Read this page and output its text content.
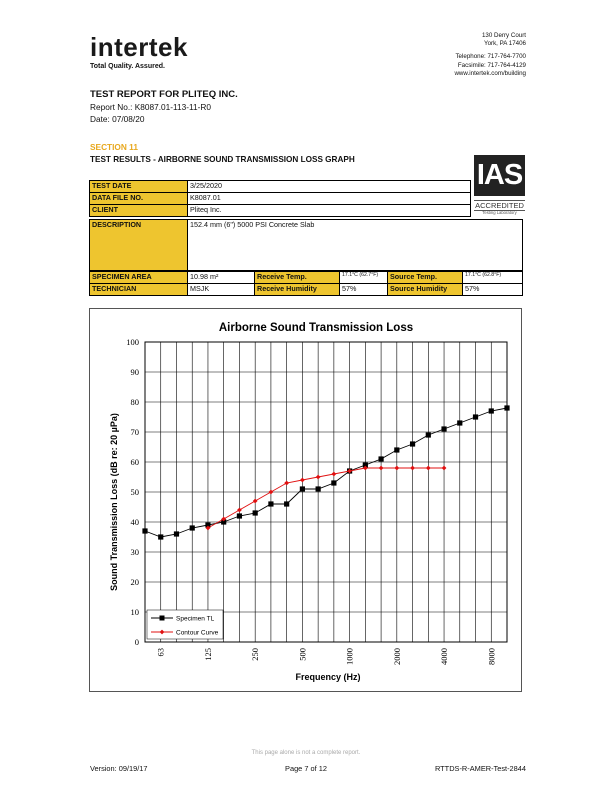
intertek
Total Quality. Assured.
130 Derry Court
York, PA 17406
Telephone: 717-764-7700
Facsimile: 717-764-4129
www.intertek.com/building
TEST REPORT FOR PLITEQ INC.
Report No.: K8087.01-113-11-R0
Date: 07/08/20
SECTION 11
TEST RESULTS - AIRBORNE SOUND TRANSMISSION LOSS GRAPH	IAS
ACCREDITED
Testing Laboratory
TEST DATE	3/25/2020
DATA FILE NO.	K8087.01
CLIENT	Pliteq Inc.
DESCRIPTION	152.4 mm (6") 5000 PSI Concrete Slab
SPECIMEN AREA	10.98 m²	Receive Temp.	17.1°C (62.7°F)	Source Temp.	17.1°C (62.8°F)
TECHNICIAN	MSJK	Receive Humidity	57%	Source Humidity	57%
Airborne Sound Transmission Loss
Frequency (Hz)
Sound Transmission Loss (dB re: 20 µPa)
0
10
20
30
40
50
60
70
80
90
100
63	125	250	500	1000	2000	4000	8000
Specimen TL
Contour Curve
This page alone is not a complete report.
Version: 09/19/17	Page 7 of 12	RTTDS-R-AMER-Test-2844
